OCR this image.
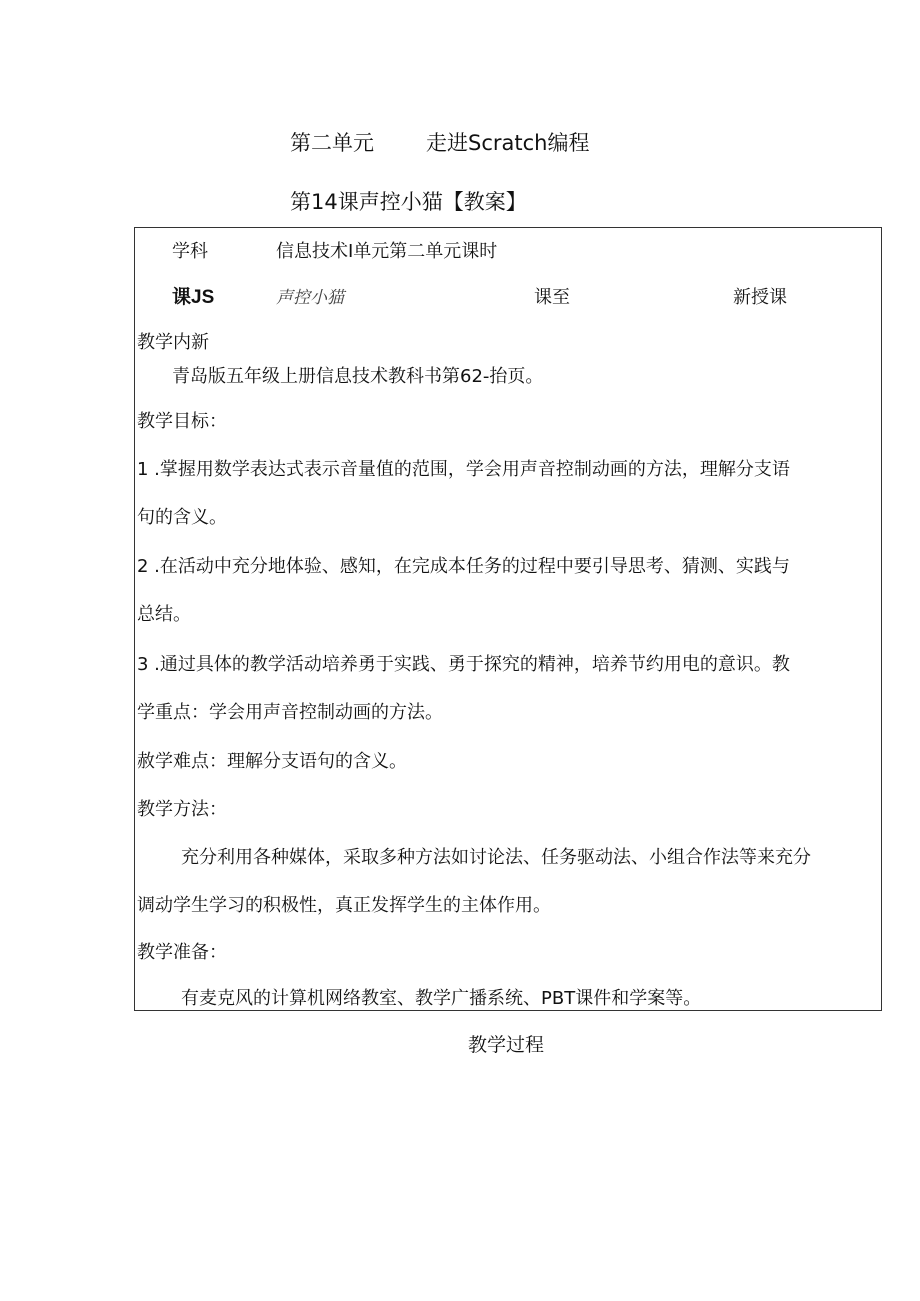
第二单元 走进Scratch编程
第14课声控小猫【教案】
学科	信息技术I单元第二单元课时
课JS	声控小猫	课至	新授课
教学内新
青岛版五年级上册信息技术教科书第62-抬页。
教学目标：
1 .掌握用数学表达式表示音量值的范围，学会用声音控制动画的方法，理解分支语
句的含义。
2 .在活动中充分地体验、感知，在完成本任务的过程中要引导思考、猜测、实践与
总结。
3 .通过具体的教学活动培养勇于实践、勇于探究的精神，培养节约用电的意识。教
学重点：学会用声音控制动画的方法。
赦学难点：理解分支语句的含义。
教学方法：
充分利用各种媒体，采取多种方法如讨论法、任务驱动法、小组合作法等来充分
调动学生学习的积极性，真正发挥学生的主体作用。
教学准备：
有麦克风的计算机网络教室、教学广播系统、PBT课件和学案等。
教学过程
